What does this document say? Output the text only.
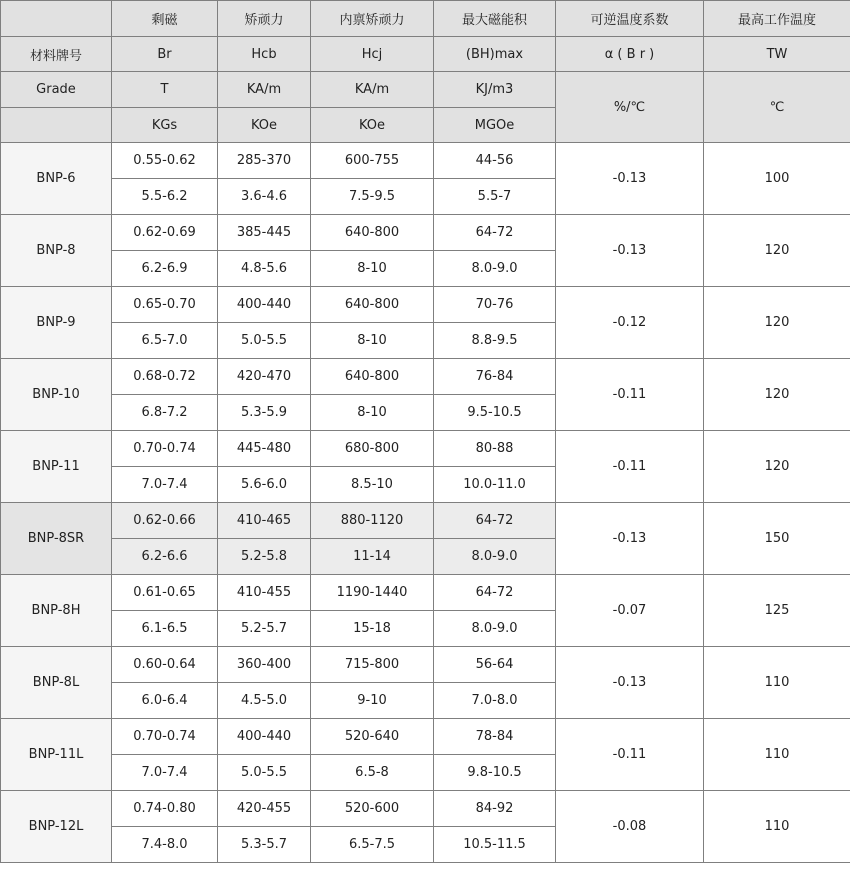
	剩磁	矫顽力	内禀矫顽力	最大磁能积	可逆温度系数	最高工作温度
材料牌号	Br	Hcb	Hcj	(BH)max	α ( B r )	TW
Grade	T	KA/m	KA/m	KJ/m3	%/℃	℃
	KGs	KOe	KOe	MGOe		
BNP-6	0.55-0.62	285-370	600-755	44-56	-0.13	100
	5.5-6.2	3.6-4.6	7.5-9.5	5.5-7		
BNP-8	0.62-0.69	385-445	640-800	64-72	-0.13	120
	6.2-6.9	4.8-5.6	8-10	8.0-9.0		
BNP-9	0.65-0.70	400-440	640-800	70-76	-0.12	120
	6.5-7.0	5.0-5.5	8-10	8.8-9.5		
BNP-10	0.68-0.72	420-470	640-800	76-84	-0.11	120
	6.8-7.2	5.3-5.9	8-10	9.5-10.5		
BNP-11	0.70-0.74	445-480	680-800	80-88	-0.11	120
	7.0-7.4	5.6-6.0	8.5-10	10.0-11.0		
BNP-8SR	0.62-0.66	410-465	880-1120	64-72	-0.13	150
	6.2-6.6	5.2-5.8	11-14	8.0-9.0		
BNP-8H	0.61-0.65	410-455	1190-1440	64-72	-0.07	125
	6.1-6.5	5.2-5.7	15-18	8.0-9.0		
BNP-8L	0.60-0.64	360-400	715-800	56-64	-0.13	110
	6.0-6.4	4.5-5.0	9-10	7.0-8.0		
BNP-11L	0.70-0.74	400-440	520-640	78-84	-0.11	110
	7.0-7.4	5.0-5.5	6.5-8	9.8-10.5		
BNP-12L	0.74-0.80	420-455	520-600	84-92	-0.08	110
	7.4-8.0	5.3-5.7	6.5-7.5	10.5-11.5		
